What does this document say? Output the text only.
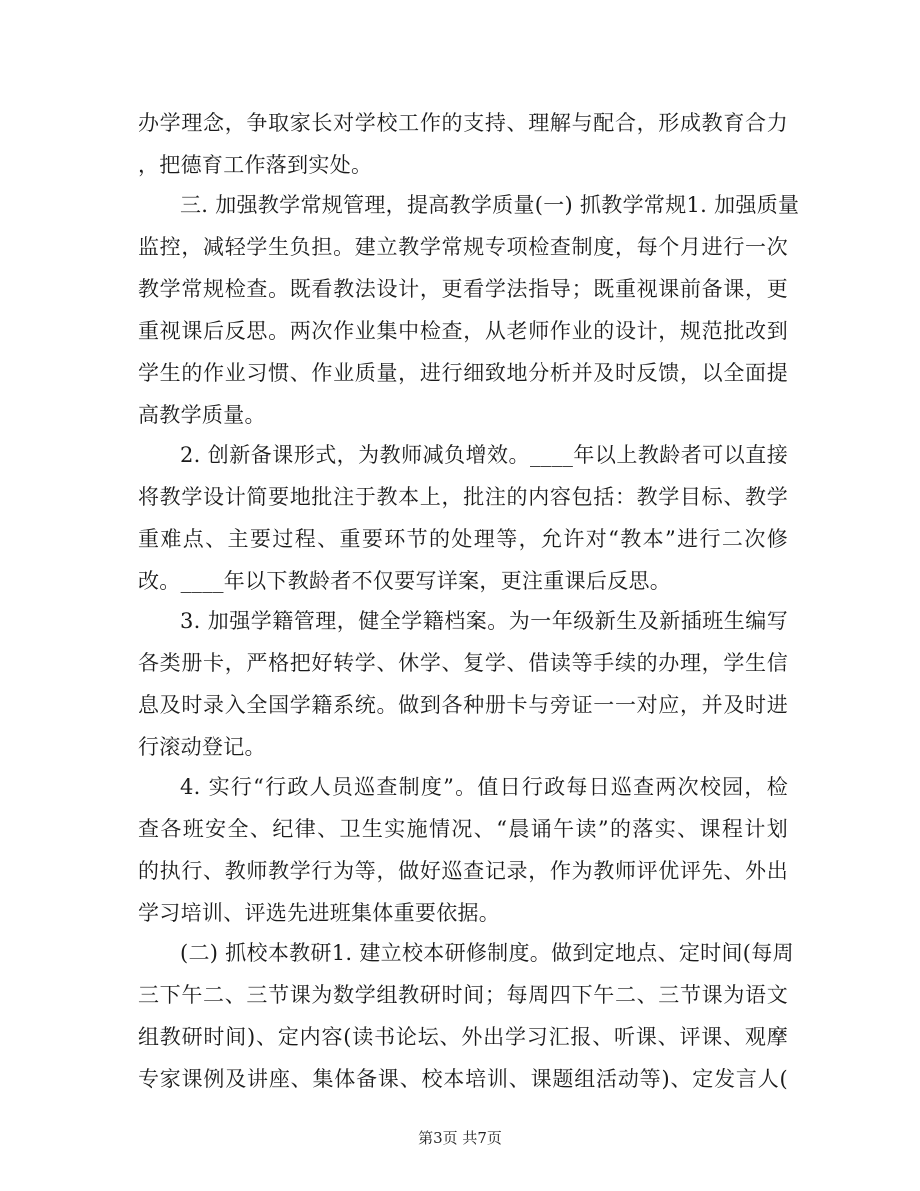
办学理念，争取家长对学校工作的支持、理解与配合，形成教育合力
，把德育工作落到实处。
三. 加强教学常规管理，提高教学质量(一) 抓教学常规1. 加强质量
监控，减轻学生负担。建立教学常规专项检查制度，每个月进行一次
教学常规检查。既看教法设计，更看学法指导；既重视课前备课，更
重视课后反思。两次作业集中检查，从老师作业的设计，规范批改到
学生的作业习惯、作业质量，进行细致地分析并及时反馈，以全面提
高教学质量。
2. 创新备课形式，为教师减负增效。____年以上教龄者可以直接
将教学设计简要地批注于教本上，批注的内容包括：教学目标、教学
重难点、主要过程、重要环节的处理等，允许对“教本”进行二次修
改。____年以下教龄者不仅要写详案，更注重课后反思。
3. 加强学籍管理，健全学籍档案。为一年级新生及新插班生编写
各类册卡，严格把好转学、休学、复学、借读等手续的办理，学生信
息及时录入全国学籍系统。做到各种册卡与旁证一一对应，并及时进
行滚动登记。
4. 实行“行政人员巡查制度”。值日行政每日巡查两次校园，检
查各班安全、纪律、卫生实施情况、“晨诵午读”的落实、课程计划
的执行、教师教学行为等，做好巡查记录，作为教师评优评先、外出
学习培训、评选先进班集体重要依据。
(二) 抓校本教研1. 建立校本研修制度。做到定地点、定时间(每周
三下午二、三节课为数学组教研时间；每周四下午二、三节课为语文
组教研时间)、定内容(读书论坛、外出学习汇报、听课、评课、观摩
专家课例及讲座、集体备课、校本培训、课题组活动等)、定发言人(
第3页 共7页
